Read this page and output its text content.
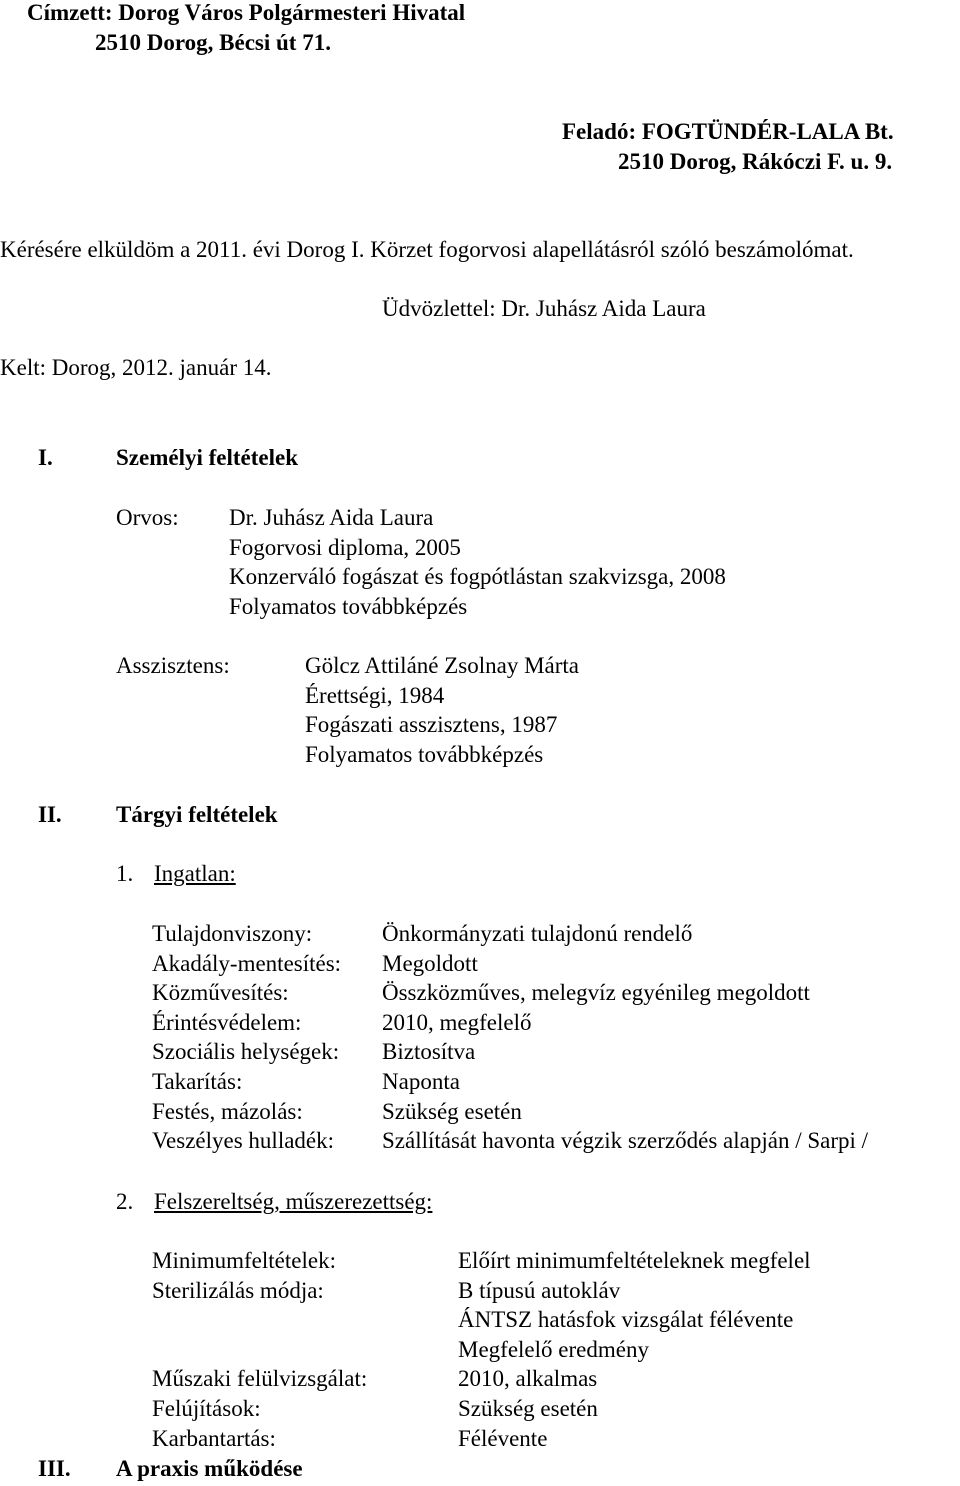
Címzett: Dorog Város Polgármesteri Hivatal
2510 Dorog, Bécsi út 71.
Feladó: FOGTÜNDÉR-LALA Bt.
2510 Dorog, Rákóczi F. u. 9.
Kérésére elküldöm a 2011. évi Dorog I. Körzet fogorvosi alapellátásról szóló beszámolómat.
Üdvözlettel: Dr. Juhász Aida Laura
Kelt: Dorog, 2012. január 14.
I.	Személyi feltételek
Orvos: Dr. Juhász Aida Laura
Fogorvosi diploma, 2005
Konzerváló fogászat és fogpótlástan szakvizsga, 2008
Folyamatos továbbképzés
Asszisztens:	Gölcz Attiláné Zsolnay Márta
Érettségi, 1984
Fogászati asszisztens, 1987
Folyamatos továbbképzés
II. Tárgyi feltételek
1. Ingatlan:
Tulajdonviszony:
Akadály-mentesítés:
Közművesítés:
Érintésvédelem:
Szociális helységek:
Takarítás:
Festés, mázolás:
Veszélyes hulladék:
Önkormányzati tulajdonú rendelő
Megoldott
Összközműves, melegvíz egyénileg megoldott
2010, megfelelő
Biztosítva
Naponta
Szükség esetén
Szállítását havonta végzik szerződés alapján / Sarpi /
2. Felszereltség, műszerezettség:
Minimumfeltételek:
Sterilizálás módja:

Műszaki felülvizsgálat:
Felújítások:
Karbantartás:
Előírt minimumfeltételeknek megfelel
B típusú autokláv
ÁNTSZ hatásfok vizsgálat félévente
Megfelelő eredmény
2010, alkalmas
Szükség esetén
Félévente
III. A praxis működése
